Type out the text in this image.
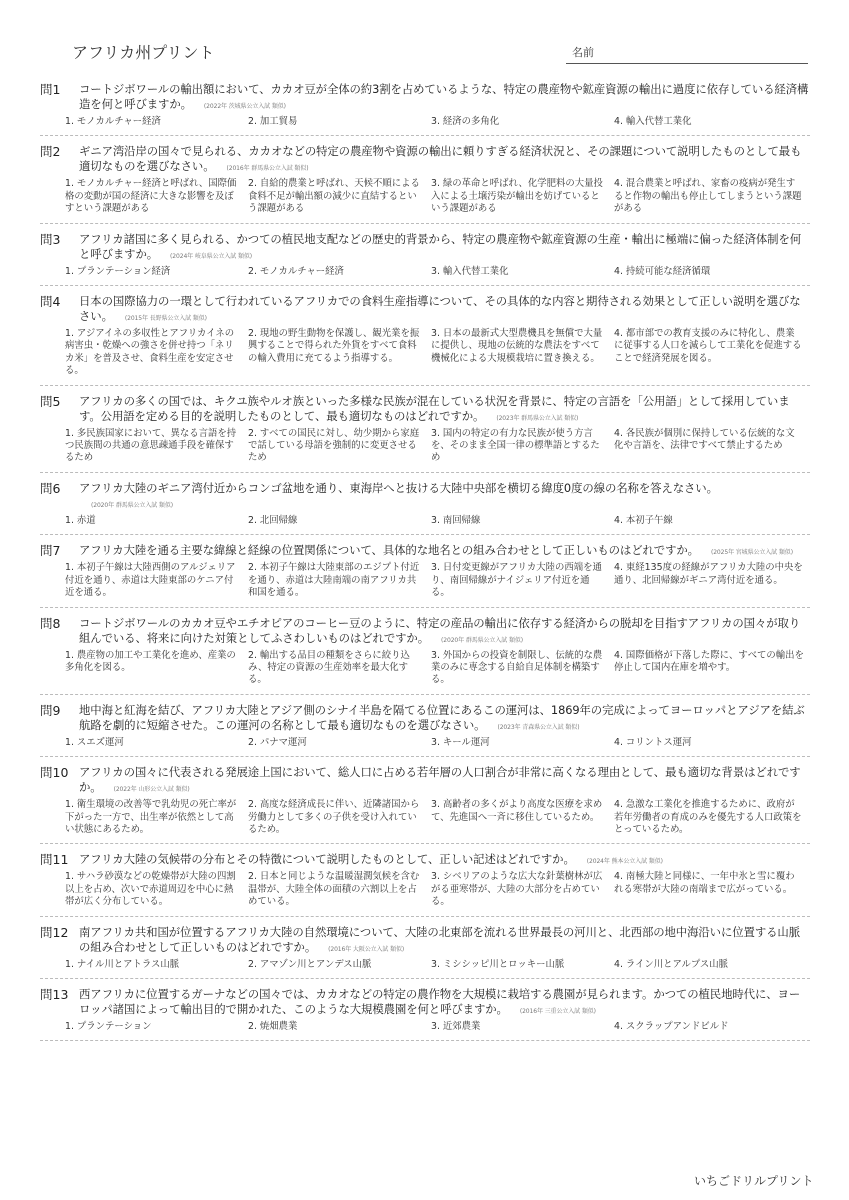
アフリカ州プリント	名前
問1	コートジボワールの輸出額において、カカオ豆が全体の約3割を占めているような、特定の農産物や鉱産資源の輸出に過度に依存している経済構造を何と呼びますか。 (2022年 茨城県公立入試 類似)
1. モノカルチャー経済	2. 加工貿易	3. 経済の多角化	4. 輸入代替工業化
問2	ギニア湾沿岸の国々で見られる、カカオなどの特定の農産物や資源の輸出に頼りすぎる経済状況と、その課題について説明したものとして最も適切なものを選びなさい。 (2016年 群馬県公立入試 類似)
1. モノカルチャー経済と呼ばれ、国際価格の変動が国の経済に大きな影響を及ぼすという課題がある
2. 自給的農業と呼ばれ、天候不順による食料不足が輸出額の減少に直結するという課題がある
3. 緑の革命と呼ばれ、化学肥料の大量投入による土壌汚染が輸出を妨げているという課題がある
4. 混合農業と呼ばれ、家畜の疫病が発生すると作物の輸出も停止してしまうという課題がある
問3	アフリカ諸国に多く見られる、かつての植民地支配などの歴史的背景から、特定の農産物や鉱産資源の生産・輸出に極端に偏った経済体制を何と呼びますか。 (2024年 岐阜県公立入試 類似)
1. プランテーション経済	2. モノカルチャー経済	3. 輸入代替工業化	4. 持続可能な経済循環
問4	日本の国際協力の一環として行われているアフリカでの食料生産指導について、その具体的な内容と期待される効果として正しい説明を選びなさい。 (2015年 長野県公立入試 類似)
1. アジアイネの多収性とアフリカイネの病害虫・乾燥への強さを併せ持つ「ネリカ米」を普及させ、食料生産を安定させる。
2. 現地の野生動物を保護し、観光業を振興することで得られた外貨をすべて食料の輸入費用に充てるよう指導する。
3. 日本の最新式大型農機具を無償で大量に提供し、現地の伝統的な農法をすべて機械化による大規模栽培に置き換える。
4. 都市部での教育支援のみに特化し、農業に従事する人口を減らして工業化を促進することで経済発展を図る。
問5	アフリカの多くの国では、キクユ族やルオ族といった多様な民族が混在している状況を背景に、特定の言語を「公用語」として採用しています。公用語を定める目的を説明したものとして、最も適切なものはどれですか。 (2023年 群馬県公立入試 類似)
1. 多民族国家において、異なる言語を持つ民族間の共通の意思疎通手段を確保するため
2. すべての国民に対し、幼少期から家庭で話している母語を強制的に変更させるため
3. 国内の特定の有力な民族が使う方言を、そのまま全国一律の標準語とするため
4. 各民族が個別に保持している伝統的な文化や言語を、法律ですべて禁止するため
問6	アフリカ大陸のギニア湾付近からコンゴ盆地を通り、東海岸へと抜ける大陸中央部を横切る緯度0度の線の名称を答えなさい。(2020年 群馬県公立入試 類似)
1. 赤道	2. 北回帰線	3. 南回帰線	4. 本初子午線
問7	アフリカ大陸を通る主要な緯線と経線の位置関係について、具体的な地名との組み合わせとして正しいものはどれですか。 (2025年 宮城県公立入試 類似)
1. 本初子午線は大陸西側のアルジェリア付近を通り、赤道は大陸東部のケニア付近を通る。
2. 本初子午線は大陸東部のエジプト付近を通り、赤道は大陸南端の南アフリカ共和国を通る。
3. 日付変更線がアフリカ大陸の西端を通り、南回帰線がナイジェリア付近を通る。
4. 東経135度の経線がアフリカ大陸の中央を通り、北回帰線がギニア湾付近を通る。
問8	コートジボワールのカカオ豆やエチオピアのコーヒー豆のように、特定の産品の輸出に依存する経済からの脱却を目指すアフリカの国々が取り組んでいる、将来に向けた対策としてふさわしいものはどれですか。 (2020年 群馬県公立入試 類似)
1. 農産物の加工や工業化を進め、産業の多角化を図る。
2. 輸出する品目の種類をさらに絞り込み、特定の資源の生産効率を最大化する。
3. 外国からの投資を制限し、伝統的な農業のみに専念する自給自足体制を構築する。
4. 国際価格が下落した際に、すべての輸出を停止して国内在庫を増やす。
問9	地中海と紅海を結び、アフリカ大陸とアジア側のシナイ半島を隔てる位置にあるこの運河は、1869年の完成によってヨーロッパとアジアを結ぶ航路を劇的に短縮させた。この運河の名称として最も適切なものを選びなさい。 (2023年 青森県公立入試 類似)
1. スエズ運河	2. パナマ運河	3. キール運河	4. コリントス運河
問10 アフリカの国々に代表される発展途上国において、総人口に占める若年層の人口割合が非常に高くなる理由として、最も適切な背景はどれですか。 (2022年 山形公立入試 類似)
1. 衛生環境の改善等で乳幼児の死亡率が下がった一方で、出生率が依然として高い状態にあるため。
2. 高度な経済成長に伴い、近隣諸国から労働力として多くの子供を受け入れているため。
3. 高齢者の多くがより高度な医療を求めて、先進国へ一斉に移住しているため。
4. 急激な工業化を推進するために、政府が若年労働者の育成のみを優先する人口政策をとっているため。
問11 アフリカ大陸の気候帯の分布とその特徴について説明したものとして、正しい記述はどれですか。 (2024年 熊本公立入試 類似)
1. サハラ砂漠などの乾燥帯が大陸の四割以上を占め、次いで赤道周辺を中心に熱帯が広く分布している。
2. 日本と同じような温暖湿潤気候を含む温帯が、大陸全体の面積の六割以上を占めている。
3. シベリアのような広大な針葉樹林が広がる亜寒帯が、大陸の大部分を占めている。
4. 南極大陸と同様に、一年中氷と雪に覆われる寒帯が大陸の南端まで広がっている。
問12 南アフリカ共和国が位置するアフリカ大陸の自然環境について、大陸の北東部を流れる世界最長の河川と、北西部の地中海沿いに位置する山脈の組み合わせとして正しいものはどれですか。 (2016年 大阪公立入試 類似)
1. ナイル川とアトラス山脈	2. アマゾン川とアンデス山脈	3. ミシシッピ川とロッキー山脈	4. ライン川とアルプス山脈
問13 西アフリカに位置するガーナなどの国々では、カカオなどの特定の農作物を大規模に栽培する農園が見られます。かつての植民地時代に、ヨーロッパ諸国によって輸出目的で開かれた、このような大規模農園を何と呼びますか。 (2016年 三重公立入試 類似)
1. プランテーション	2. 焼畑農業	3. 近郊農業	4. スクラップアンドビルド
いちごドリルプリント
